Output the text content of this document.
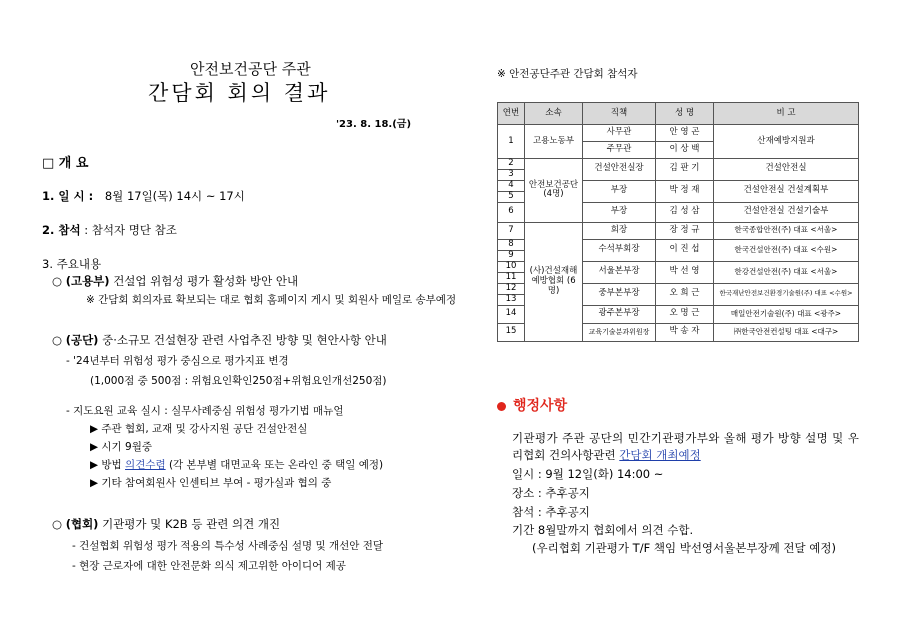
안전보건공단 주관
간담회 회의 결과
'23. 8. 18.(금)
□ 개 요
1. 일 시 : 8월 17일(목) 14시 ~ 17시
2. 참석 : 참석자 명단 참조
3. 주요내용
○ (고용부) 건설업 위험성 평가 활성화 방안 안내
※ 간담회 회의자료 확보되는 대로 협회 홈페이지 게시 및 회원사 메일로 송부예정
○ (공단) 중·소규모 건설현장 관련 사업추진 방향 및 현안사항 안내
- '24년부터 위험성 평가 중심으로 평가지표 변경
(1,000점 중 500점 : 위험요인확인250점+위험요인개선250점)
- 지도요원 교육 실시 : 실무사례중심 위험성 평가기법 매뉴얼
▶ 주관 협회, 교재 및 강사지원 공단 건설안전실
▶ 시기 9월중
▶ 방법 의견수렴 (각 본부별 대면교육 또는 온라인 중 택일 예정)
▶ 기타 참여회원사 인센티브 부여 - 평가실과 협의 중
○ (협회) 기관평가 및 K2B 등 관련 의견 개진
- 건설협회 위험성 평가 적용의 특수성 사례중심 설명 및 개선안 전달
- 현장 근로자에 대한 안전문화 의식 제고위한 아이디어 제공
※ 안전공단주관 간담회 참석자
연번	소속	직책	성 명	비 고
1	고용노동부	사무관	안 영 곤	산재예방지원과
		주무관	이 상 백	
2	안전보건공단 (4명)	건설안전실장	김 판 기	건설안전실
3				
4		부장	박 정 재	건설안전실 건설계획부
5				
6		부장	김 성 삼	건설안전실 건설기술부
7	(사)건설재해 예방협회 (6명)	회장	장 정 규	한국종합안전(주) 대표 <서울>
8		수석부회장	이 진 섭	한국건설안전(주) 대표 <수원>
9				
10		서울본부장	박 선 영	한강건설안전(주) 대표 <서울>
11				
12		중부본부장	오 희 근	한국재난안전보건환경기술원(주) 대표 <수원>
13				
14		광주본부장	오 명 근	매일안전기술원(주) 대표 <광주>
15		교육기술분과위원장	박 송 자	㈜한국안전컨설팅 대표 <대구>
행정사항
기관평가 주관 공단의 민간기관평가부와 올해 평가 방향 설명 및 우
리협회 건의사항관련 간담회 개최예정
일시 : 9월 12일(화) 14:00 ~
장소 : 추후공지
참석 : 추후공지
기간 8월말까지 협회에서 의견 수합.
(우리협회 기관평가 T/F 책임 박선영서울본부장께 전달 예정)
